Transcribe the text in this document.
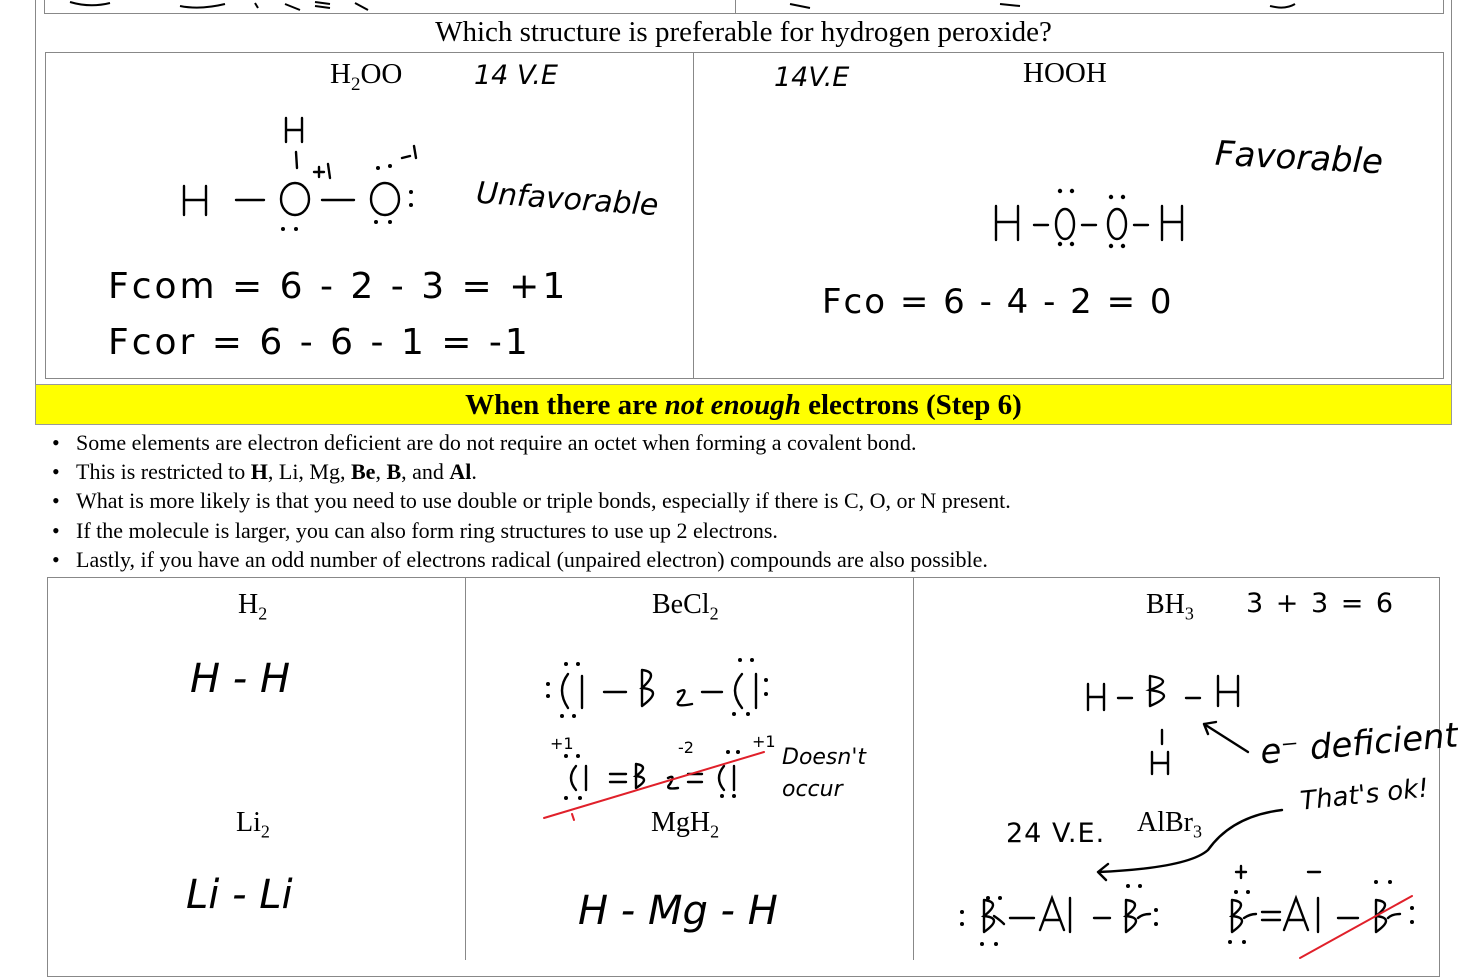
Which structure is preferable for hydrogen peroxide?
$H_2OO$	HOOH
14 V.E
Unfavorable
Fcom = 6 - 2 - 3 = +1
Fcor = 6 - 6 - 1 = -1
14V.E
Favorable
Fco = 6 - 4 - 2 = 0
When there are not enough electrons (Step 6)
• Some elements are electron deficient are do not require an octet when forming a covalent bond.
• This is restricted to H, Li, Mg, Be, B, and Al.
• What is more likely is that you need to use double or triple bonds, especially if there is C, O, or N present.
• If the molecule is larger, you can also form ring structures to use up 2 electrons.
• Lastly, if you have an odd number of electrons radical (unpaired electron) compounds are also possible.
$H_2$	BeCl$_2$	$BH_3$
$Li_2$	MgH$_2$	AlBr$_3$
H - H
Li - Li	H - Mg - H
Doesn't occur
3 + 3 = 6
e⁻ deficient
That's ok!
24 V.E.
+1	-2	+1
